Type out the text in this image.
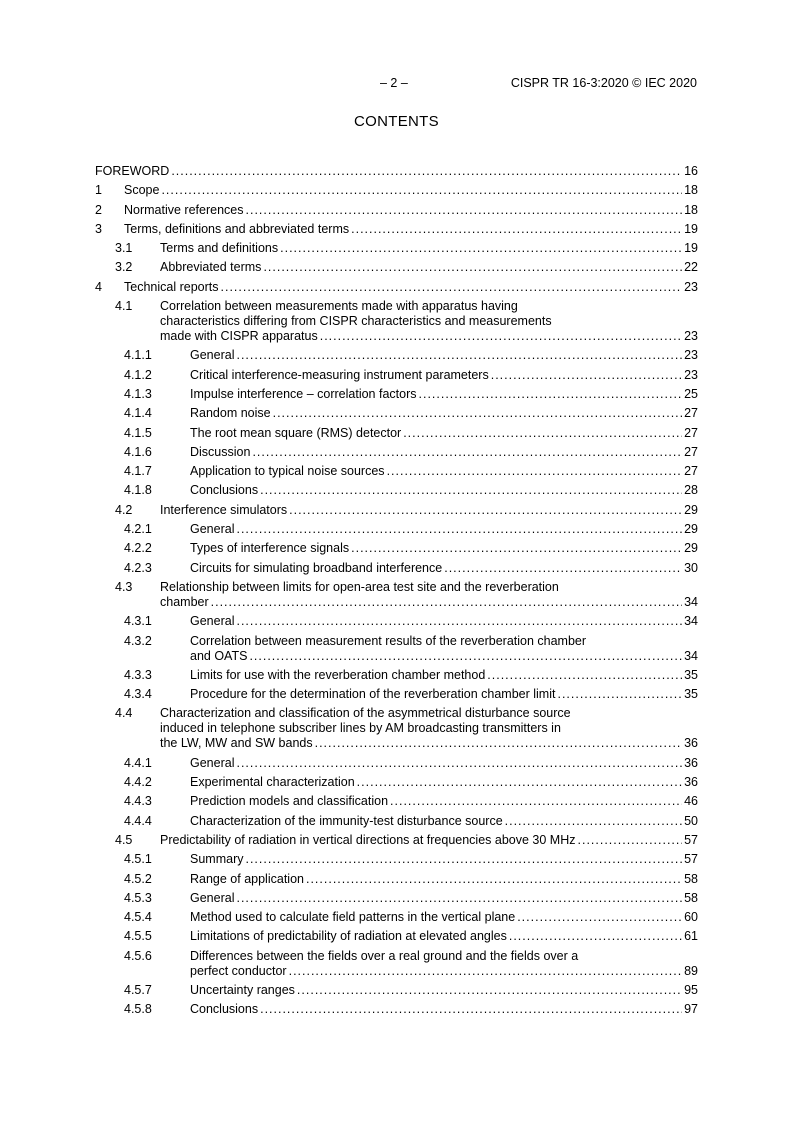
– 2 –	CISPR TR 16-3:2020 © IEC 2020
CONTENTS
FOREWORD .....	16
1 Scope .....	18
2 Normative references .....	18
3 Terms, definitions and abbreviated terms .....	19
3.1 Terms and definitions .....	19
3.2 Abbreviated terms .....	22
4 Technical reports .....	23
4.1 Correlation between measurements made with apparatus having
characteristics differing from CISPR characteristics and measurements
made with CISPR apparatus .....	23
4.1.1	General .....	23
4.1.2	Critical interference-measuring instrument parameters .....	23
4.1.3	Impulse interference – correlation factors .....	25
4.1.4	Random noise .....	27
4.1.5	The root mean square (RMS) detector .....	27
4.1.6	Discussion .....	27
4.1.7	Application to typical noise sources .....	27
4.1.8	Conclusions .....	28
4.2 Interference simulators .....	29
4.2.1	General .....	29
4.2.2	Types of interference signals .....	29
4.2.3	Circuits for simulating broadband interference .....	30
4.3 Relationship between limits for open-area test site and the reverberation
chamber .....	34
4.3.1	General .....	34
4.3.2	Correlation between measurement results of the reverberation chamber
and OATS .....	34
4.3.3	Limits for use with the reverberation chamber method .....	35
4.3.4	Procedure for the determination of the reverberation chamber limit .....	35
4.4 Characterization and classification of the asymmetrical disturbance source
induced in telephone subscriber lines by AM broadcasting transmitters in
the LW, MW and SW bands .....	36
4.4.1	General .....	36
4.4.2	Experimental characterization .....	36
4.4.3	Prediction models and classification .....	46
4.4.4	Characterization of the immunity-test disturbance source .....	50
4.5 Predictability of radiation in vertical directions at frequencies above 30 MHz .....	57
4.5.1	Summary .....	57
4.5.2	Range of application .....	58
4.5.3	General .....	58
4.5.4	Method used to calculate field patterns in the vertical plane .....	60
4.5.5	Limitations of predictability of radiation at elevated angles .....	61
4.5.6	Differences between the fields over a real ground and the fields over a
perfect conductor .....	89
4.5.7	Uncertainty ranges .....	95
4.5.8	Conclusions .....	97
